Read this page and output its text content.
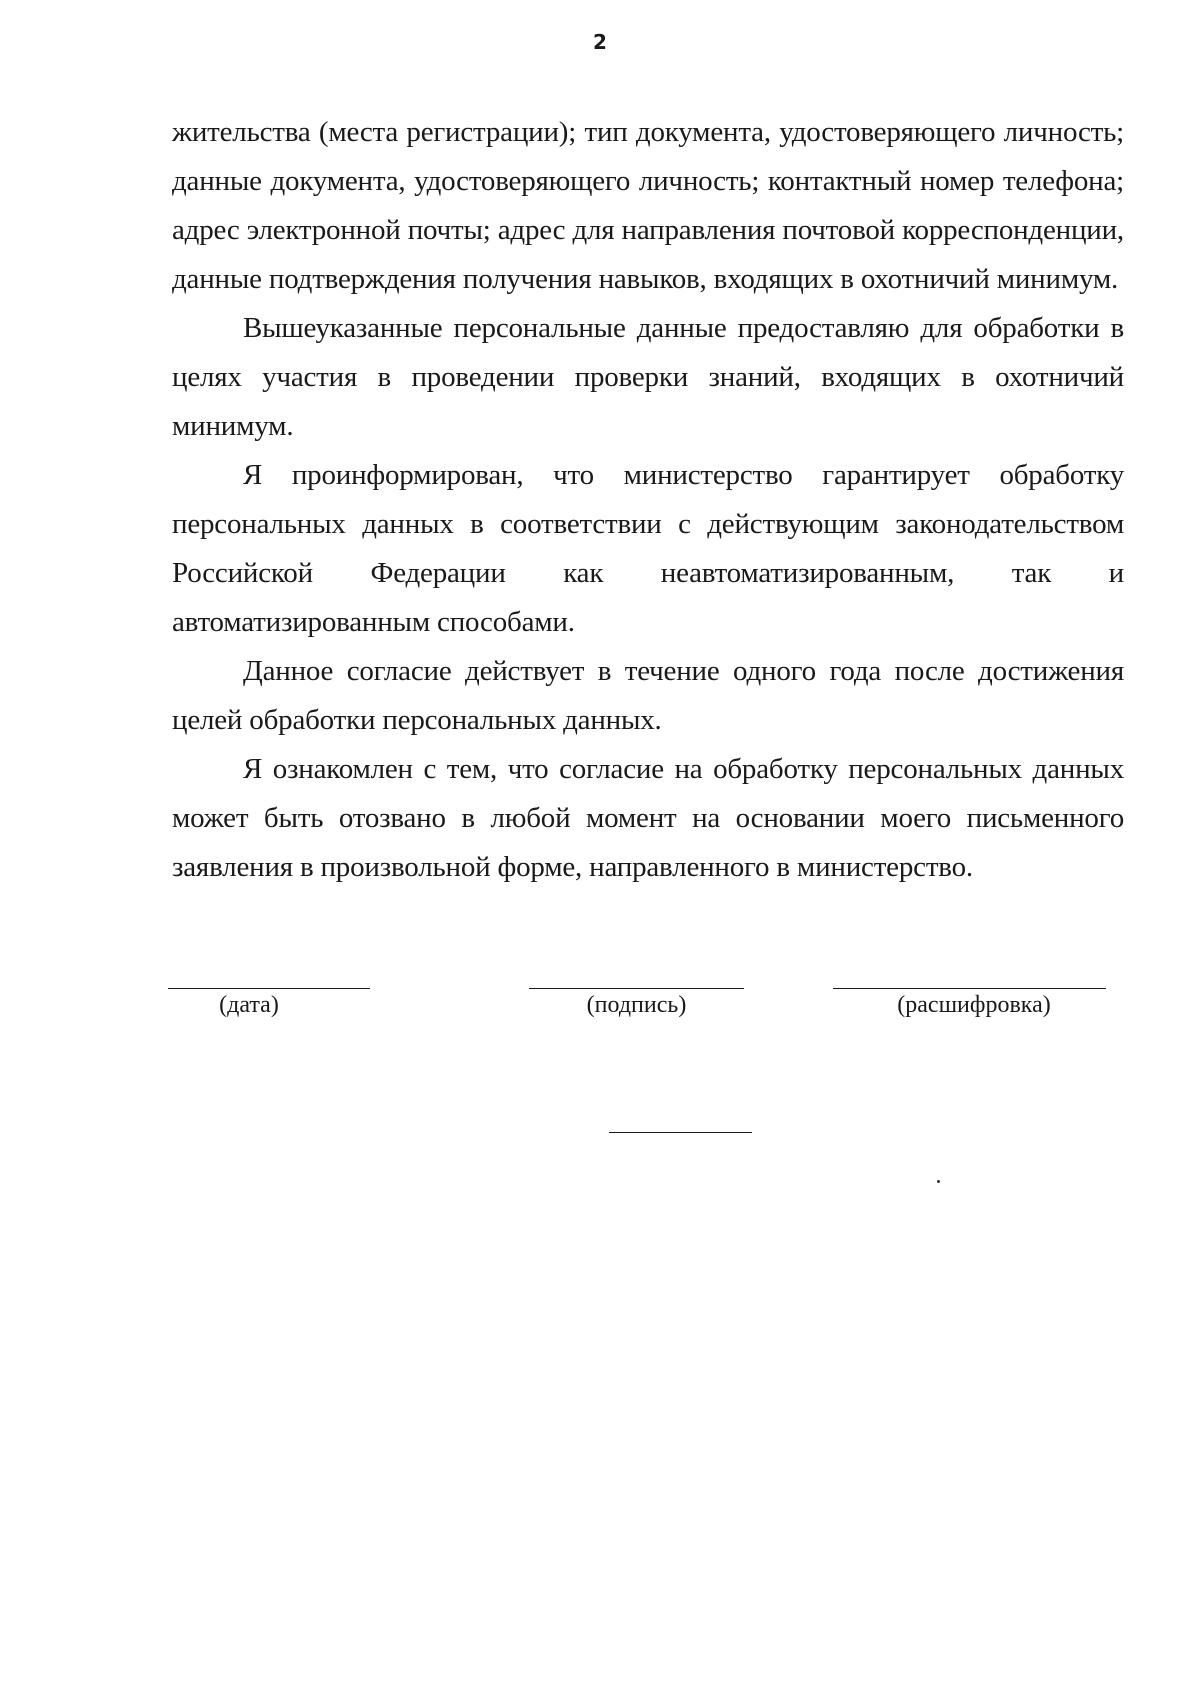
2

жительства (места регистрации); тип документа, удостоверяющего личность; данные документа, удостоверяющего личность; контактный номер телефона; адрес электронной почты; адрес для направления почтовой корреспонденции, данные подтверждения получения навыков, входящих в охотничий минимум.

Вышеуказанные персональные данные предоставляю для обработки в целях участия в проведении проверки знаний, входящих в охотничий минимум.

Я проинформирован, что министерство гарантирует обработку персональных данных в соответствии с действующим законодательством Российской Федерации как неавтоматизированным, так и

автоматизированным способами.

Данное согласие действует в течение одного года после достижения целей обработки персональных данных.

Я ознакомлен с тем, что согласие на обработку персональных данных может быть отозвано в любой момент на основании моего письменного заявления в произвольной форме, направленного в министерство.

(дата)	(подпись)	(расшифровка)
